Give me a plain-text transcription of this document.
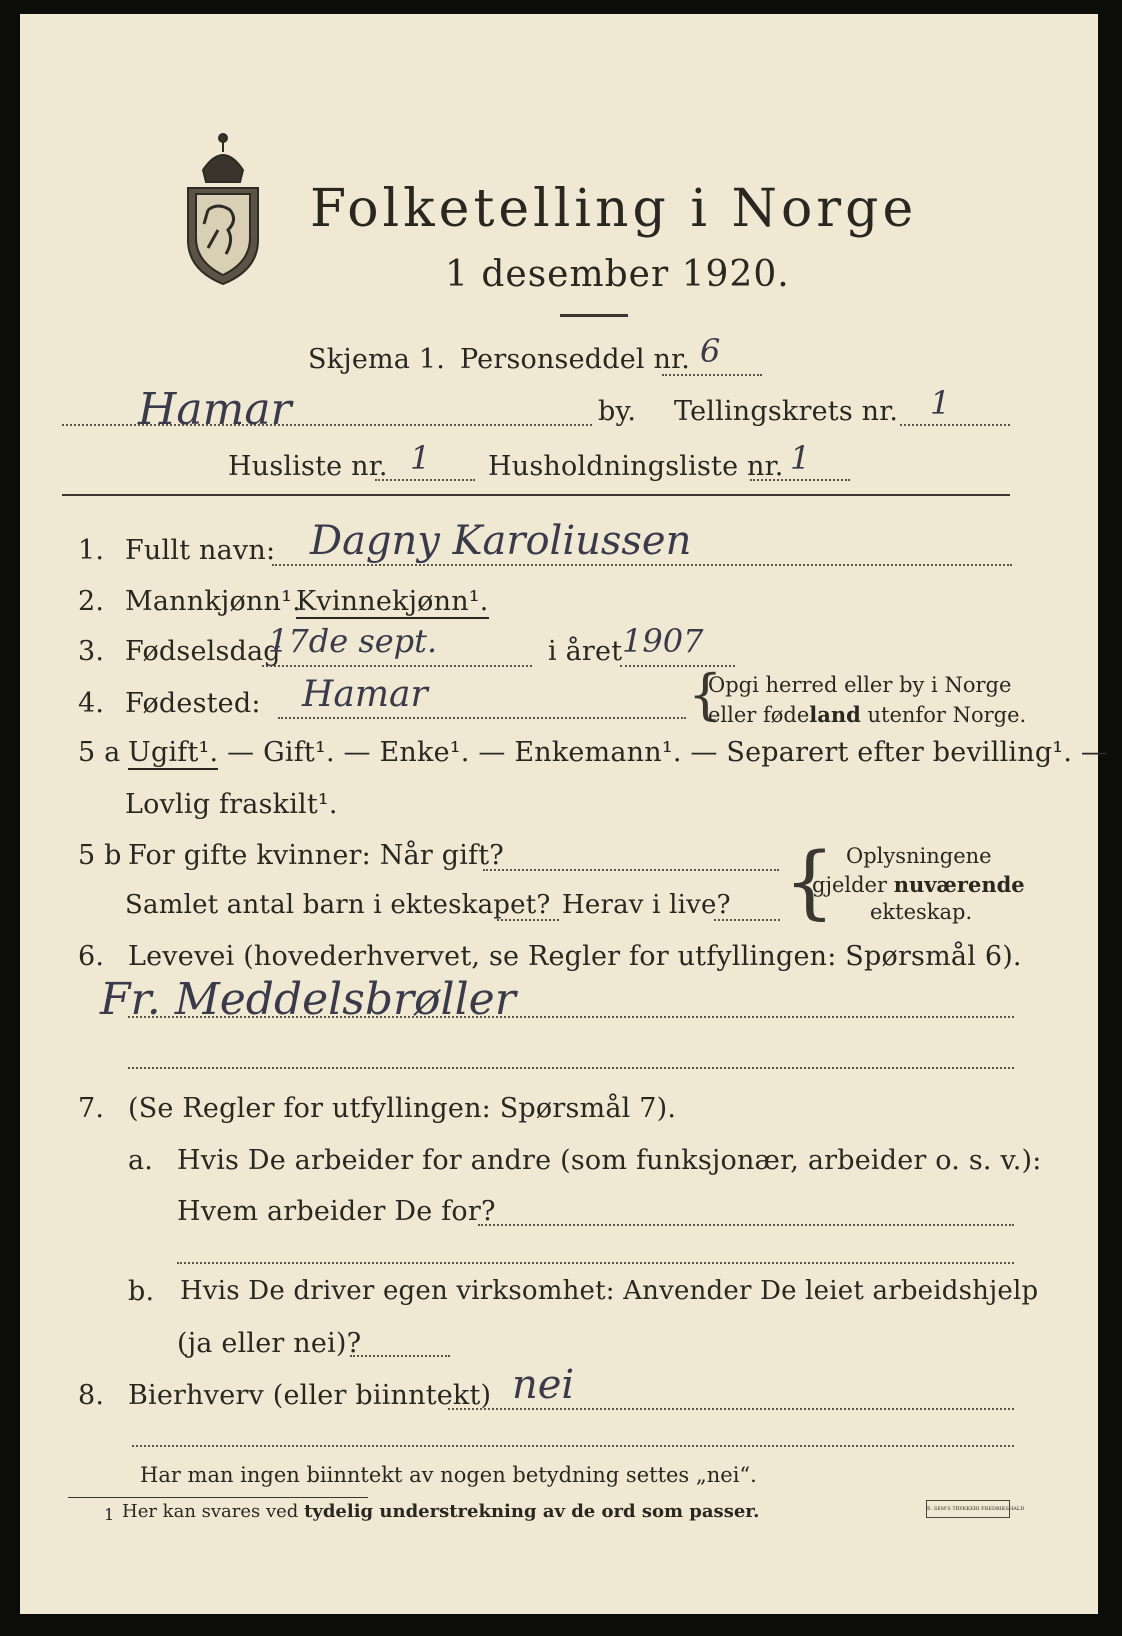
Folketelling i Norge
1 desember 1920.
Skjema 1. Personseddel nr. 6
Hamar	by. Tellingskrets nr. 1
Husliste nr. 1 Husholdningsliste nr. 1
1. Fullt navn: Dagny Karoliussen
2. Mannkjønn¹.
Kvinnekjønn¹.
3. Fødselsdag
17de sept.	i året 1907
4. Fødested: Hamar	{
Opgi herred eller by i Norge
eller fødeland utenfor Norge.
5 a Ugift¹. — Gift¹. — Enke¹. — Enkemann¹. — Separert efter bevilling¹. —
Lovlig fraskilt¹.
5 b For gifte kvinner: Når gift?
Samlet antal barn i ekteskapet? Herav i live? { Oplysningene
gjelder nuværende
ekteskap.
6. Levevei (hovederhvervet, se Regler for utfyllingen: Spørsmål 6).
Fr. Meddelsbrøller
7. (Se Regler for utfyllingen: Spørsmål 7).
a. Hvis De arbeider for andre (som funksjonær, arbeider o. s. v.):
Hvem arbeider De for?
b. Hvis De driver egen virksomhet: Anvender De leiet arbeidshjelp
(ja eller nei)?
8. Bierhverv (eller biinntekt) nei
Har man ingen biinntekt av nogen betydning settes „nei“.
1 Her kan svares ved tydelig understrekning av de ord som passer.	E. SEM'S TRYKKERI FREDRIKSHALD
